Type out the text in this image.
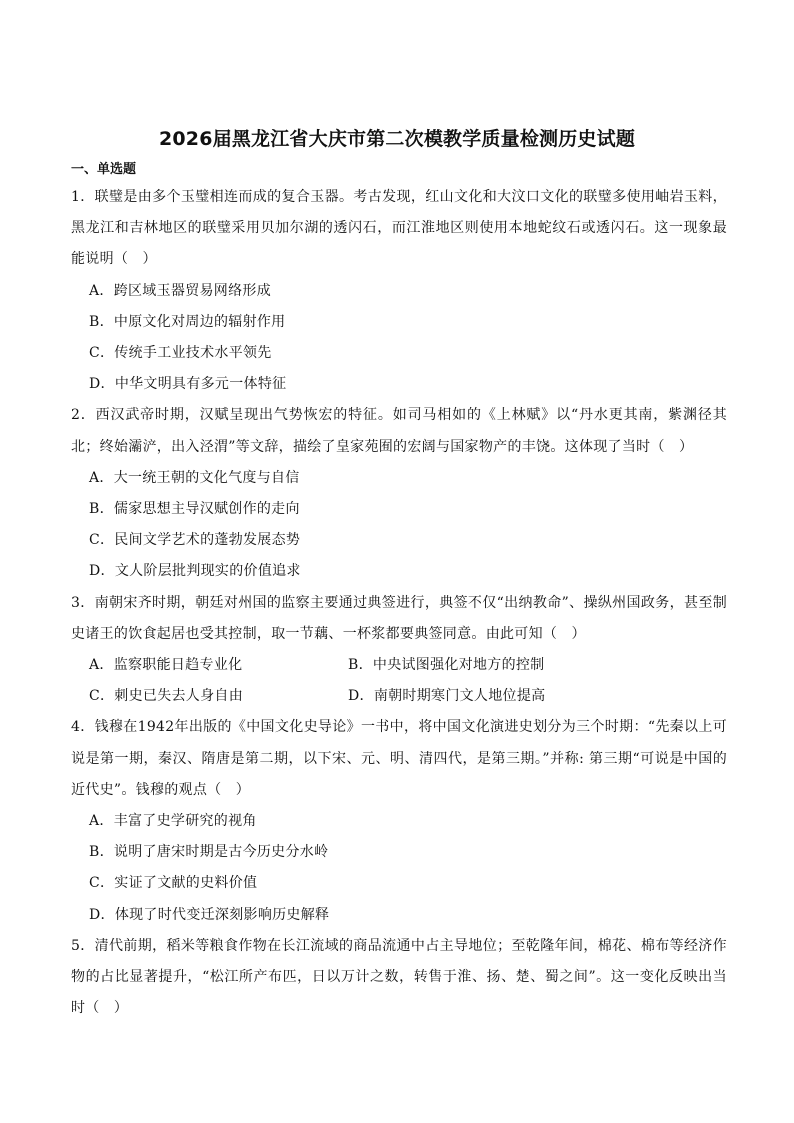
2026届黑龙江省大庆市第二次模教学质量检测历史试题
一、单选题
1．联璧是由多个玉璧相连而成的复合玉器。考古发现，红山文化和大汶口文化的联璧多使用岫岩玉料，黑龙江和吉林地区的联璧采用贝加尔湖的透闪石，而江淮地区则使用本地蛇纹石或透闪石。这一现象最能说明（　）
A．跨区域玉器贸易网络形成
B．中原文化对周边的辐射作用
C．传统手工业技术水平领先
D．中华文明具有多元一体特征
2．西汉武帝时期，汉赋呈现出气势恢宏的特征。如司马相如的《上林赋》以“丹水更其南，紫渊径其北；终始灞浐，出入泾渭”等文辞，描绘了皇家苑囿的宏阔与国家物产的丰饶。这体现了当时（　）
A．大一统王朝的文化气度与自信
B．儒家思想主导汉赋创作的走向
C．民间文学艺术的蓬勃发展态势
D．文人阶层批判现实的价值追求
3．南朝宋齐时期，朝廷对州国的监察主要通过典签进行，典签不仅“出纳教命”、操纵州国政务，甚至制史诸王的饮食起居也受其控制，取一节藕、一杯浆都要典签同意。由此可知（　）
A．监察职能日趋专业化	B．中央试图强化对地方的控制
C．刺史已失去人身自由	D．南朝时期寒门文人地位提高
4．钱穆在1942年出版的《中国文化史导论》一书中，将中国文化演进史划分为三个时期：“先秦以上可说是第一期，秦汉、隋唐是第二期，以下宋、元、明、清四代，是第三期。”并称: 第三期“可说是中国的近代史”。钱穆的观点（　）
A．丰富了史学研究的视角
B．说明了唐宋时期是古今历史分水岭
C．实证了文献的史料价值
D．体现了时代变迁深刻影响历史解释
5．清代前期，稻米等粮食作物在长江流域的商品流通中占主导地位；至乾隆年间，棉花、棉布等经济作物的占比显著提升，“松江所产布匹，日以万计之数，转售于淮、扬、楚、蜀之间”。这一变化反映出当时（　）
